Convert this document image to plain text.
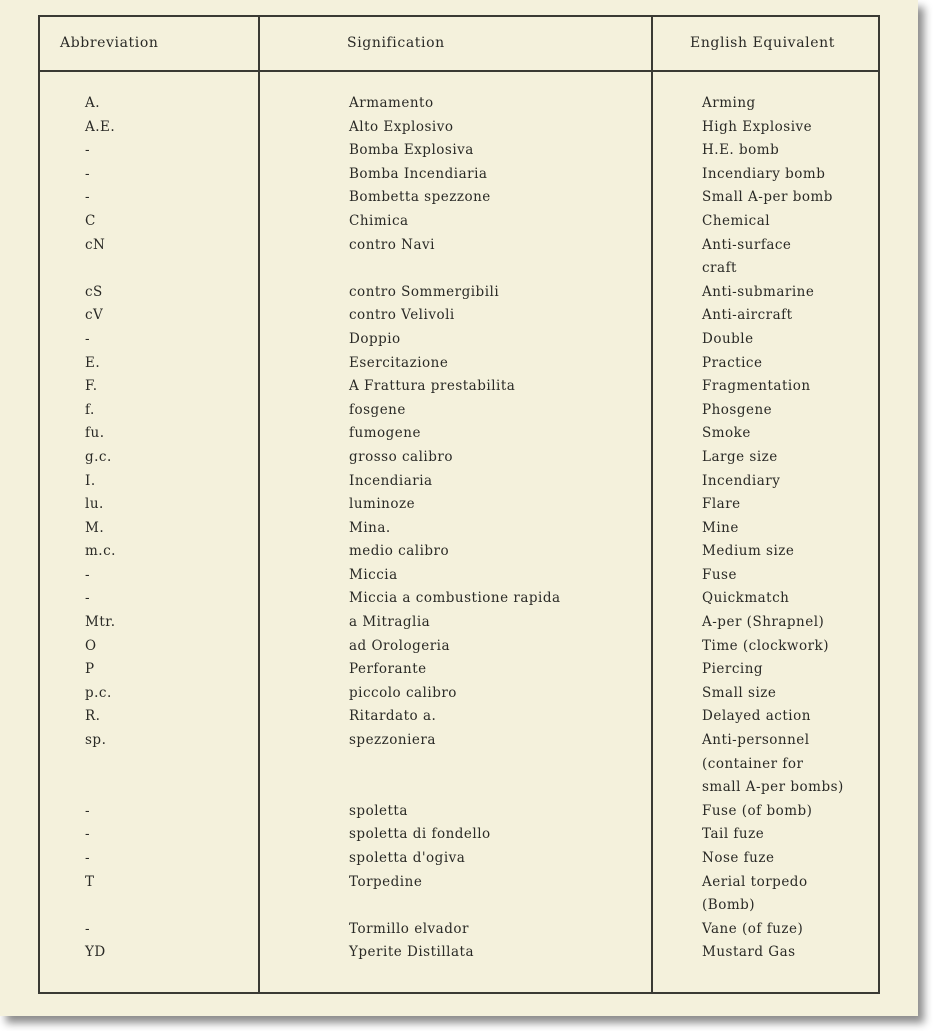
Abbreviation	Signification	English Equivalent
A.	Armamento	Arming
A.E.	Alto Explosivo	High Explosive
-	Bomba Explosiva	H.E. bomb
-	Bomba Incendiaria	Incendiary bomb
-	Bombetta spezzone	Small A-per bomb
C	Chimica	Chemical
cN	contro Navi	Anti-surface
craft
cS	contro Sommergibili	Anti-submarine
cV	contro Velivoli	Anti-aircraft
-	Doppio	Double
E.	Esercitazione	Practice
F.	A Frattura prestabilita	Fragmentation
f.	fosgene	Phosgene
fu.	fumogene	Smoke
g.c.	grosso calibro	Large size
I.	Incendiaria	Incendiary
lu.	luminoze	Flare
M.	Mina.	Mine
m.c.	medio calibro	Medium size
-	Miccia	Fuse
-	Miccia a combustione rapida	Quickmatch
Mtr.	a Mitraglia	A-per (Shrapnel)
O	ad Orologeria	Time (clockwork)
P	Perforante	Piercing
p.c.	piccolo calibro	Small size
R.	Ritardato a.	Delayed action
sp.	spezzoniera	Anti-personnel
(container for
small A-per bombs)
-	spoletta	Fuse (of bomb)
-	spoletta di fondello	Tail fuze
-	spoletta d'ogiva	Nose fuze
T	Torpedine	Aerial torpedo
(Bomb)
-	Tormillo elvador	Vane (of fuze)
YD	Yperite Distillata	Mustard Gas
